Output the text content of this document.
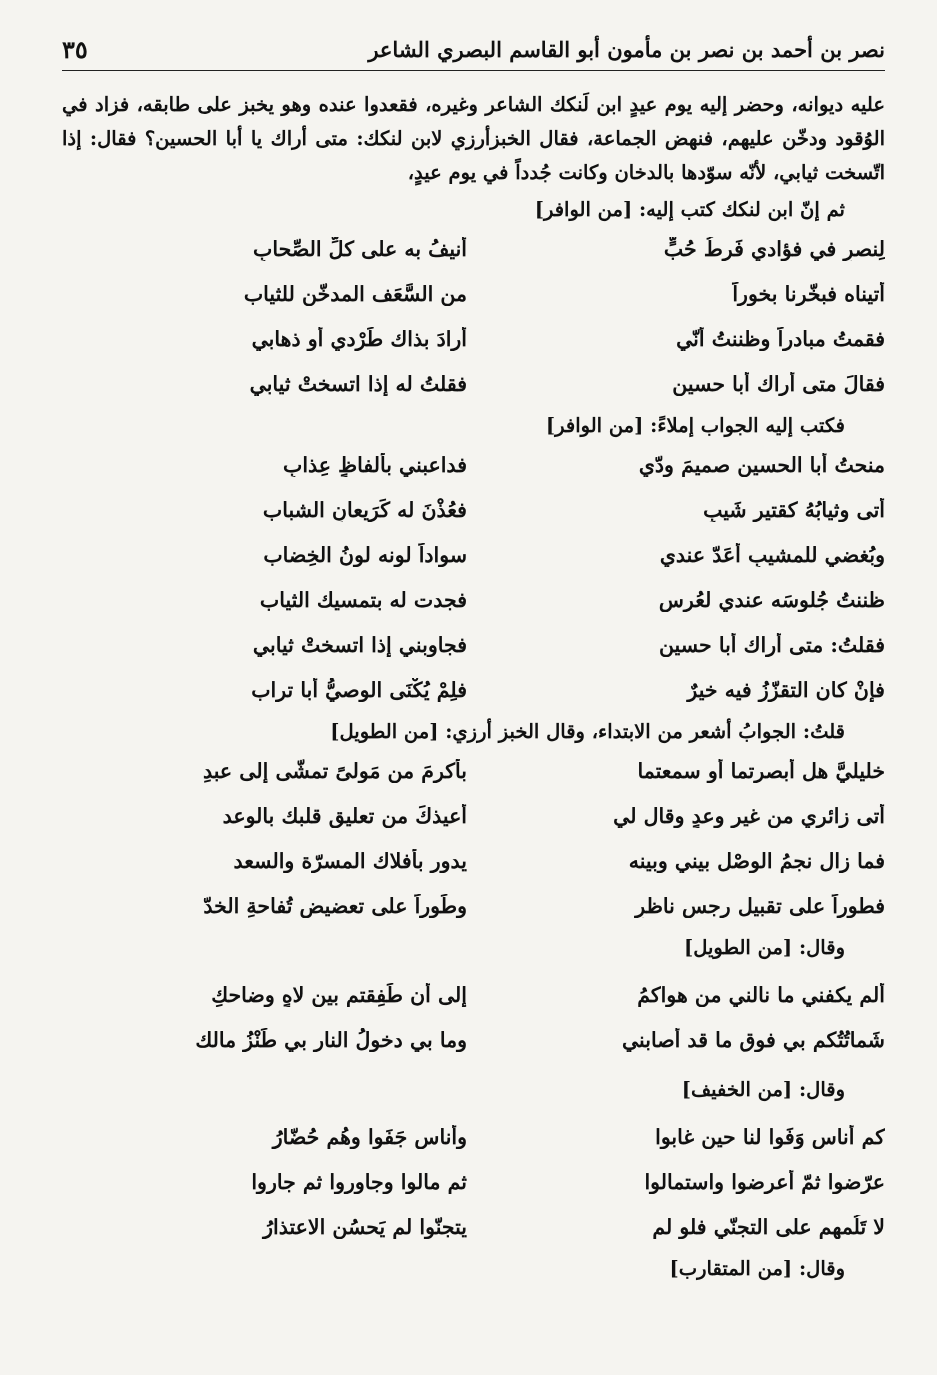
نصر بن أحمد بن نصر بن مأمون أبو القاسم البصري الشاعر
٣٥
عليه ديوانه، وحضر إليه يوم عيدٍ ابن لَنكك الشاعر وغيره، فقعدوا عنده وهو يخبز على طابقه، فزاد في الوُقود ودخّن عليهم، فنهض الجماعة، فقال الخبزأرزي لابن لنكك: متى أراك يا أبا الحسين؟ فقال: إذا اتّسخت ثيابي، لأنّه سوّدها بالدخان وكانت جُدداً في يوم عيدٍ،
ثم إنّ ابن لنكك كتب إليه: [من الوافر]
لِنصرٍ في فؤادي فَرطُ حُبٍّ
أنيفُ به على كلِّ الصِّحابِ
أتيناه فبخّرنا بخوراً
من السَّعَف المدخّن للثياب
فقمتُ مبادراً وظننتُ أنّي
أرادَ بذاك طَرْدي أو ذهابي
فقالَ متى أراك أبا حسينٍ
فقلتُ له إذا اتسختْ ثيابي
فكتب إليه الجواب إملاءً: [من الوافر]
منحتُ أبا الحسينِ صميمَ ودّي
فداعبني بألفاظٍ عِذابِ
أتى وثيابُهُ كقتيرِ شَيبٍ
فعُذْنَ له كَرَيعانِ الشباب
وبُغضي للمشيبِ أعَدّ عندي
سواداً لونه لونُ الخِضاب
ظننتُ جُلوسَه عندي لعُرسٍ
فجدت له بتمسيك الثياب
فقلتُ: متى أراك أبا حسين
فجاوبني إذا اتسختْ ثيابي
فإنْ كان التقزّزُ فيه خيرٌ
فلِمْ يُكْنَى الوصيُّ أبا تراب
قلتُ: الجوابُ أشعر من الابتداء، وقال الخبز أرزي: [من الطويل]
خليليَّ هل أبصرتما أو سمعتما
بأكرمَ من مَولىً تمشّى إلى عبدِ
أتى زائري من غير وعدٍ وقال لي
أُعيذكَ من تعليق قلبك بالوعد
فما زال نجمُ الوصْل بيني وبينه
يدور بأفلاك المسرّة والسعد
فطوراً على تقبيل رجس ناظرٍ
وطَوراً على تعضيض تُفاحةِ الخدّ
وقال: [من الطويل]
ألم يكفني ما نالني من هواكمُ
إلى أن طَفِقتم بين لاهٍ وضاحكِ
شَماتُتُكم بي فوق ما قد أصابني
وما بي دخولُ النار بي طَنْزُ مالك
وقال: [من الخفيف]
كم أُناسٍ وَفَوا لنا حين غابوا
وأُناس جَفَوا وهُم حُضّارُ
عرّضوا ثمّ أعرضوا واستمالوا
ثم مالوا وجاوروا ثم جاروا
لا تَلُمهم على التجنّي فلو لم
يتجنّوا لم يَحسُنِ الاعتذارُ
وقال: [من المتقارب]
